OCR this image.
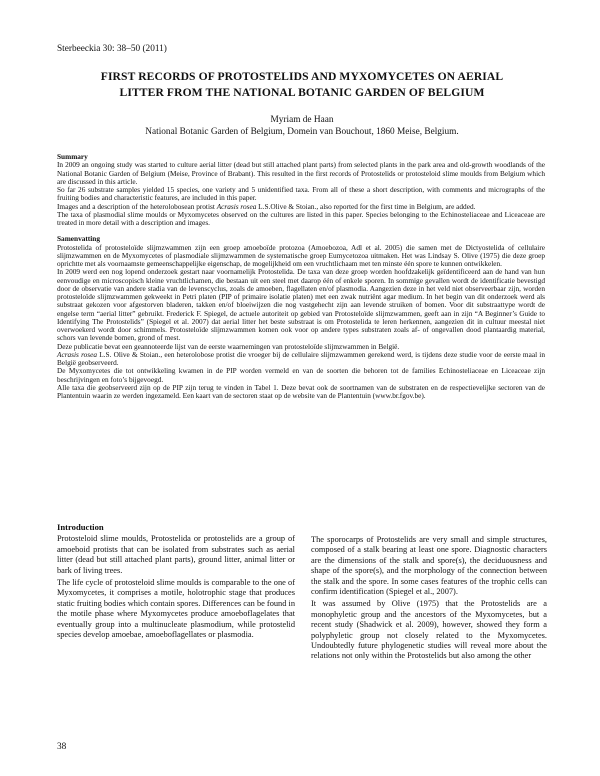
Sterbeeckia 30: 38–50 (2011)
FIRST RECORDS OF PROTOSTELIDS AND MYXOMYCETES ON AERIAL
LITTER FROM THE NATIONAL BOTANIC GARDEN OF BELGIUM
Myriam de Haan
National Botanic Garden of Belgium, Domein van Bouchout, 1860 Meise, Belgium.

Summary

In 2009 an ongoing study was started to culture aerial litter (dead but still attached plant parts) from selected plants in the park area and old-growth woodlands of the National Botanic Garden of Belgium (Meise, Province of Brabant). This resulted in the first records of Protostelids or protosteloid slime moulds from Belgium which are discussed in this article.

So far 26 substrate samples yielded 15 species, one variety and 5 unidentified taxa. From all of these a short description, with comments and micrographs of the fruiting bodies and characteristic features, are included in this paper.

Images and a description of the heterolobosean protist Acrasis rosea L.S.Olive & Stoian., also reported for the first time in Belgium, are added.

The taxa of plasmodial slime moulds or Myxomycetes observed on the cultures are listed in this paper. Species belonging to the Echinosteliaceae and Liceaceae are treated in more detail with a description and images.

Samenvatting

Protostelida of protosteloïde slijmzwammen zijn een groep amoeboïde protozoa (Amoebozoa, Adl et al. 2005) die samen met de Dictyostelida of cellulaire slijmzwammen en de Myxomycetes of plasmodiale slijmzwammen de systematische groep Eumycetozoa uitmaken. Het was Lindsay S. Olive (1975) die deze groep oprichtte met als voornaamste gemeenschappelijke eigenschap, de mogelijkheid om een vruchtlichaam met ten minste één spore te kunnen ontwikkelen.

In 2009 werd een nog lopend onderzoek gestart naar voornamelijk Protostelida. De taxa van deze groep worden hoofdzakelijk geïdentificeerd aan de hand van hun eenvoudige en microscopisch kleine vruchtlichamen, die bestaan uit een steel met daarop één of enkele sporen. In sommige gevallen wordt de identificatie bevestigd door de observatie van andere stadia van de levenscyclus, zoals de amoeben, flagellaten en/of plasmodia. Aangezien deze in het veld niet observeerbaar zijn, worden protosteloïde slijmzwammen gekweekt in Petri platen (PIP of primaire isolatie platen) met een zwak nutriënt agar medium. In het begin van dit onderzoek werd als substraat gekozen voor afgestorven bladeren, takken en/of bloeiwijzen die nog vastgehecht zijn aan levende struiken of bomen. Voor dit substraattype wordt de engelse term “aerial litter” gebruikt. Frederick F. Spiegel, de actuele autoriteit op gebied van Protosteloïde slijmzwammen, geeft aan in zijn “A Beginner’s Guide to Identifying The Protostelids” (Spiegel et al. 2007) dat aerial litter het beste substraat is om Protostelida te leren herkennen, aangezien dit in cultuur meestal niet overwoekerd wordt door schimmels. Protosteloïde slijmzwammen komen ook voor op andere types substraten zoals af- of ongevallen dood plantaardig material, schors van levende bomen, grond of mest.

Deze publicatie bevat een geannoteerde lijst van de eerste waarnemingen van protosteloïde slijmzwammen in België.

Acrasis rosea L.S. Olive & Stoian., een heterolobose protist die vroeger bij de cellulaire slijmzwammen gerekend werd, is tijdens deze studie voor de eerste maal in België geobserveerd.

De Myxomycetes die tot ontwikkeling kwamen in de PIP worden vermeld en van de soorten die behoren tot de families Echinosteliaceae en Liceaceae zijn beschrijvingen en foto’s bijgevoegd.

Alle taxa die geobserveerd zijn op de PIP zijn terug te vinden in Tabel 1. Deze bevat ook de soortnamen van de substraten en de respectievelijke sectoren van de Plantentuin waarin ze werden ingezameld. Een kaart van de sectoren staat op de website van de Plantentuin (www.br.fgov.be).

Introduction

Protosteloid slime moulds, Protostelida or protostelids are a group of amoeboid protists that can be isolated from substrates such as aerial litter (dead but still attached plant parts), ground litter, animal litter or bark of living trees.

The life cycle of protosteloid slime moulds is comparable to the one of Myxomycetes, it comprises a motile, holotrophic stage that produces static fruiting bodies which contain spores. Differences can be found in the motile phase where Myxomycetes produce amoeboflagelates that eventually group into a multinucleate plasmodium, while protostelid species develop amoebae, amoeboflagellates or plasmodia.

The sporocarps of Protostelids are very small and simple structures, composed of a stalk bearing at least one spore. Diagnostic characters are the dimensions of the stalk and spore(s), the deciduousness and shape of the spore(s), and the morphology of the connection between the stalk and the spore. In some cases features of the trophic cells can confirm identification (Spiegel et al., 2007).

It was assumed by Olive (1975) that the Protostelids are a monophyletic group and the ancestors of the Myxomycetes, but a recent study (Shadwick et al. 2009), however, showed they form a polyphyletic group not closely related to the Myxomycetes. Undoubtedly future phylogenetic studies will reveal more about the relations not only within the Protostelids but also among the other

38
